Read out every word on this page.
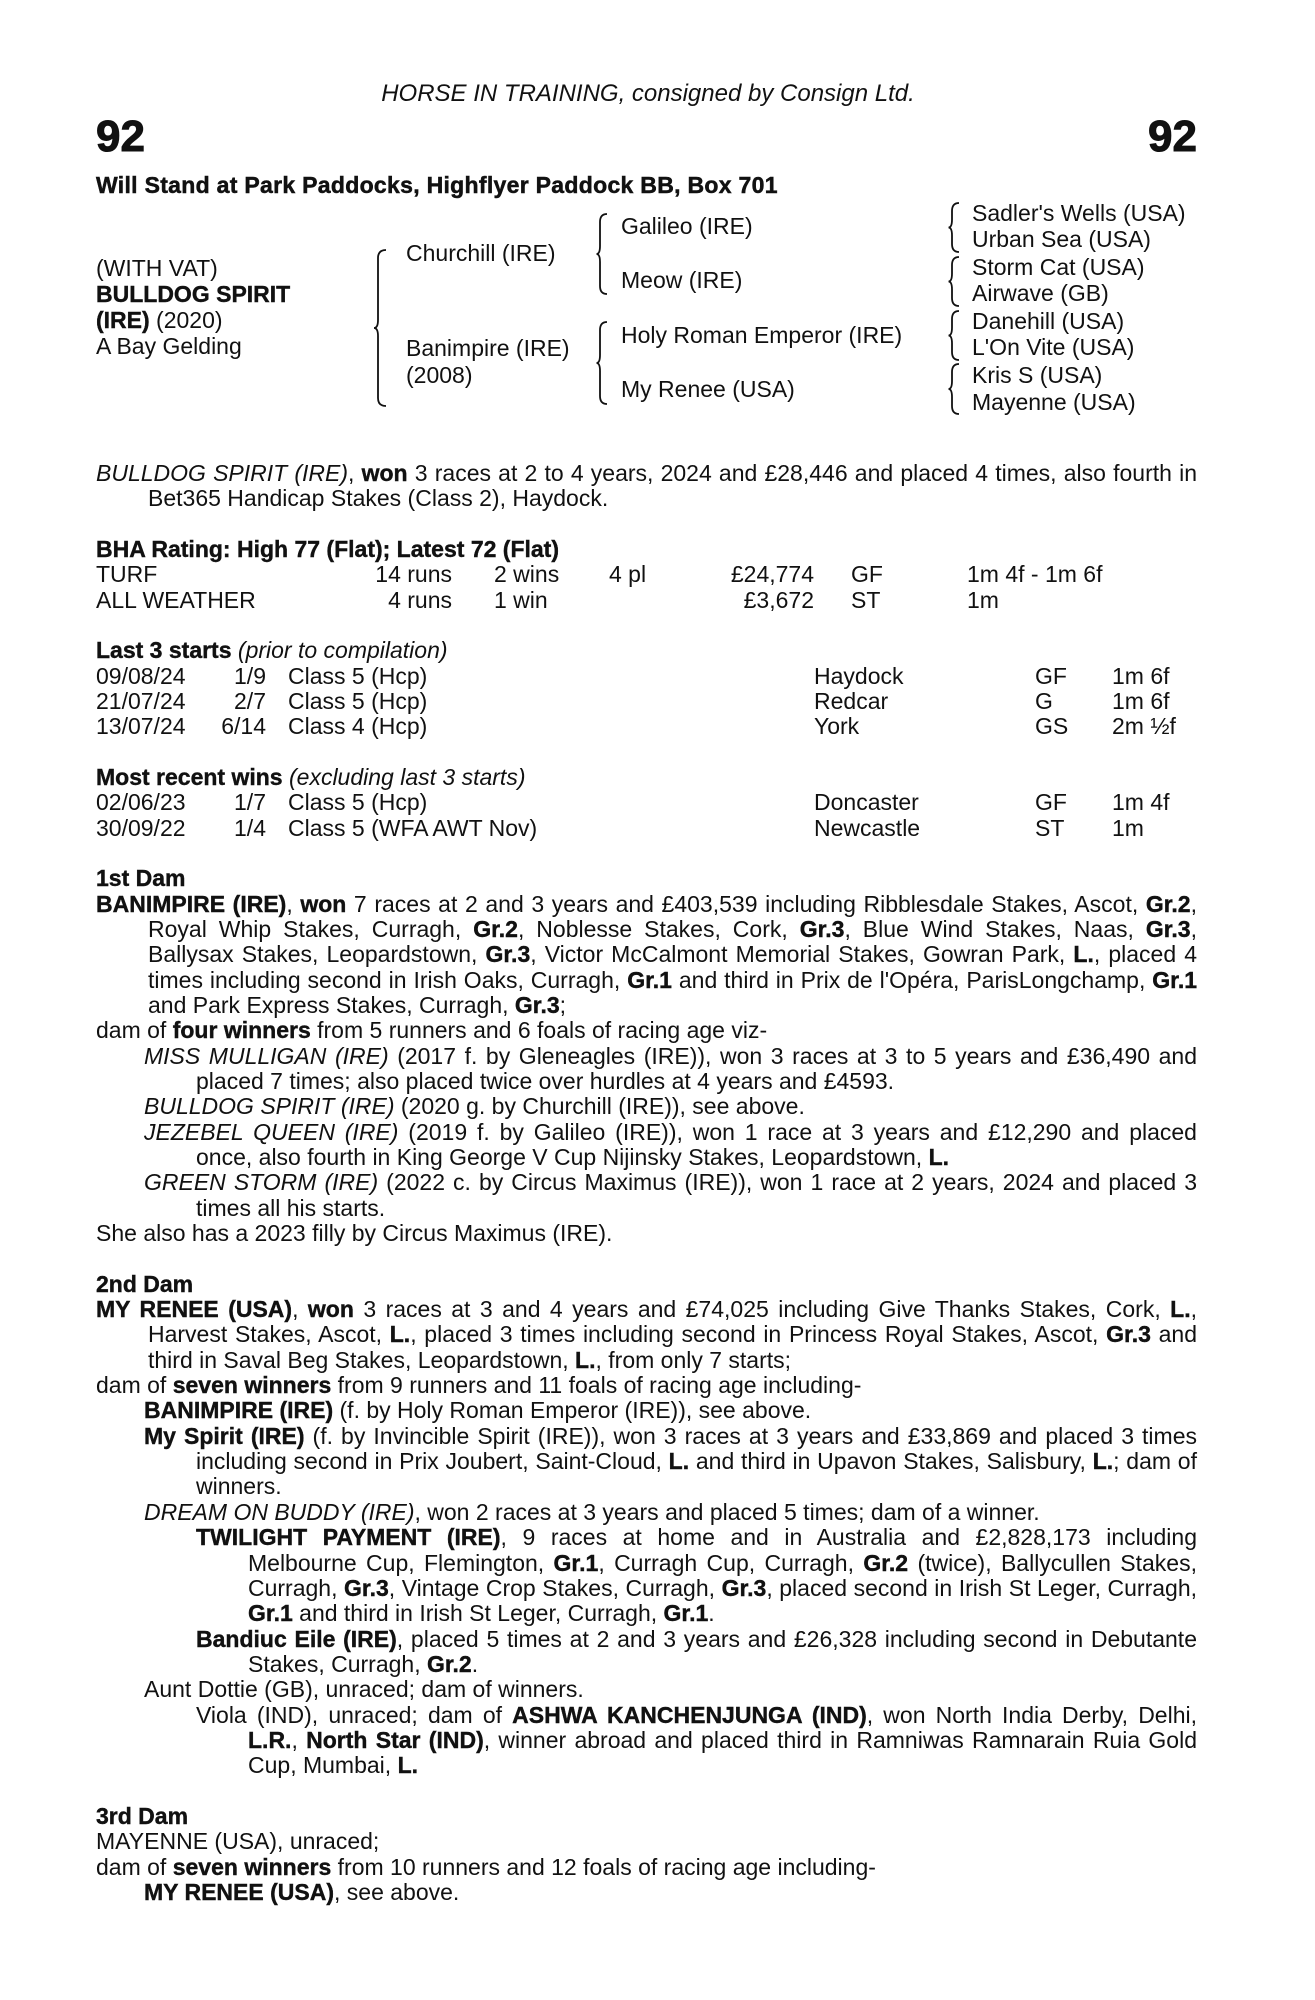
HORSE IN TRAINING, consigned by Consign Ltd.
92	92
Will Stand at Park Paddocks, Highflyer Paddock BB, Box 701
(WITH VAT)
BULLDOG SPIRIT
(IRE) (2020)
A Bay Gelding
Churchill (IRE)
Banimpire (IRE)
(2008)
Galileo (IRE)
Meow (IRE)
Holy Roman Emperor (IRE)
My Renee (USA)
Sadler's Wells (USA)
Urban Sea (USA)
Storm Cat (USA)
Airwave (GB)
Danehill (USA)
L'On Vite (USA)
Kris S (USA)
Mayenne (USA)
BULLDOG SPIRIT (IRE), won 3 races at 2 to 4 years, 2024 and £28,446 and placed 4 times, also fourth in Bet365 Handicap Stakes (Class 2), Haydock.
BHA Rating: High 77 (Flat); Latest 72 (Flat)
TURF	14 runs 2 wins 4 pl	£24,774 GF	1m 4f - 1m 6f
ALL WEATHER	4 runs 1 win	£3,672 ST	1m
Last 3 starts (prior to compilation)
09/08/24 1/9 Class 5 (Hcp)	Haydock	GF 1m 6f
21/07/24 2/7 Class 5 (Hcp)	Redcar	G	1m 6f
13/07/24 6/14 Class 4 (Hcp)	York	GS 2m ½f
Most recent wins (excluding last 3 starts)
02/06/23 1/7 Class 5 (Hcp)	Doncaster	GF 1m 4f
30/09/22 1/4 Class 5 (WFA AWT Nov)	Newcastle	ST 1m
1st Dam
BANIMPIRE (IRE), won 7 races at 2 and 3 years and £403,539 including Ribblesdale Stakes, Ascot, Gr.2, Royal Whip Stakes, Curragh, Gr.2, Noblesse Stakes, Cork, Gr.3, Blue Wind Stakes, Naas, Gr.3, Ballysax Stakes, Leopardstown, Gr.3, Victor McCalmont Memorial Stakes, Gowran Park, L., placed 4 times including second in Irish Oaks, Curragh, Gr.1 and third in Prix de l'Opéra, ParisLongchamp, Gr.1 and Park Express Stakes, Curragh, Gr.3;
dam of four winners from 5 runners and 6 foals of racing age viz-
MISS MULLIGAN (IRE) (2017 f. by Gleneagles (IRE)), won 3 races at 3 to 5 years and £36,490 and placed 7 times; also placed twice over hurdles at 4 years and £4593.
BULLDOG SPIRIT (IRE) (2020 g. by Churchill (IRE)), see above.
JEZEBEL QUEEN (IRE) (2019 f. by Galileo (IRE)), won 1 race at 3 years and £12,290 and placed once, also fourth in King George V Cup Nijinsky Stakes, Leopardstown, L.
GREEN STORM (IRE) (2022 c. by Circus Maximus (IRE)), won 1 race at 2 years, 2024 and placed 3 times all his starts.
She also has a 2023 filly by Circus Maximus (IRE).
2nd Dam
MY RENEE (USA), won 3 races at 3 and 4 years and £74,025 including Give Thanks Stakes, Cork, L., Harvest Stakes, Ascot, L., placed 3 times including second in Princess Royal Stakes, Ascot, Gr.3 and third in Saval Beg Stakes, Leopardstown, L., from only 7 starts;
dam of seven winners from 9 runners and 11 foals of racing age including-
BANIMPIRE (IRE) (f. by Holy Roman Emperor (IRE)), see above.
My Spirit (IRE) (f. by Invincible Spirit (IRE)), won 3 races at 3 years and £33,869 and placed 3 times including second in Prix Joubert, Saint-Cloud, L. and third in Upavon Stakes, Salisbury, L.; dam of winners.
DREAM ON BUDDY (IRE), won 2 races at 3 years and placed 5 times; dam of a winner.
TWILIGHT PAYMENT (IRE), 9 races at home and in Australia and £2,828,173 including Melbourne Cup, Flemington, Gr.1, Curragh Cup, Curragh, Gr.2 (twice), Ballycullen Stakes, Curragh, Gr.3, Vintage Crop Stakes, Curragh, Gr.3, placed second in Irish St Leger, Curragh, Gr.1 and third in Irish St Leger, Curragh, Gr.1.
Bandiuc Eile (IRE), placed 5 times at 2 and 3 years and £26,328 including second in Debutante Stakes, Curragh, Gr.2.
Aunt Dottie (GB), unraced; dam of winners.
Viola (IND), unraced; dam of ASHWA KANCHENJUNGA (IND), won North India Derby, Delhi, L.R., North Star (IND), winner abroad and placed third in Ramniwas Ramnarain Ruia Gold Cup, Mumbai, L.
3rd Dam
MAYENNE (USA), unraced;
dam of seven winners from 10 runners and 12 foals of racing age including-
MY RENEE (USA), see above.
